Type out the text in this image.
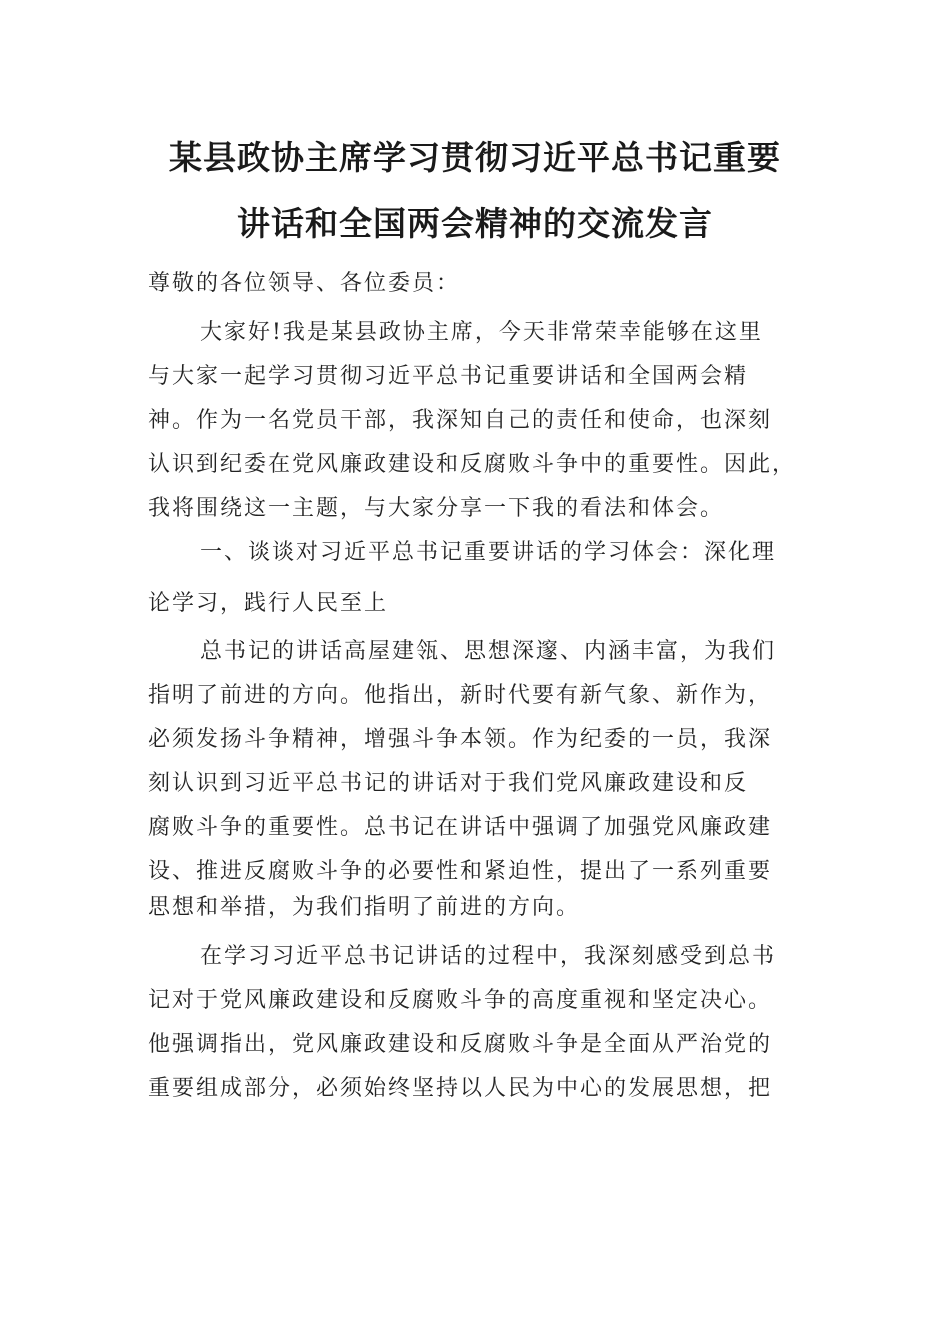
某县政协主席学习贯彻习近平总书记重要
讲话和全国两会精神的交流发言
尊敬的各位领导、各位委员：
大家好!我是某县政协主席，今天非常荣幸能够在这里
与大家一起学习贯彻习近平总书记重要讲话和全国两会精
神。作为一名党员干部，我深知自己的责任和使命，也深刻
认识到纪委在党风廉政建设和反腐败斗争中的重要性。因此，
我将围绕这一主题，与大家分享一下我的看法和体会。
一、谈谈对习近平总书记重要讲话的学习体会：深化理
论学习，践行人民至上
总书记的讲话高屋建瓴、思想深邃、内涵丰富，为我们
指明了前进的方向。他指出，新时代要有新气象、新作为，
必须发扬斗争精神，增强斗争本领。作为纪委的一员，我深
刻认识到习近平总书记的讲话对于我们党风廉政建设和反
腐败斗争的重要性。总书记在讲话中强调了加强党风廉政建
设、推进反腐败斗争的必要性和紧迫性，提出了一系列重要
思想和举措，为我们指明了前进的方向。
在学习习近平总书记讲话的过程中，我深刻感受到总书
记对于党风廉政建设和反腐败斗争的高度重视和坚定决心。
他强调指出，党风廉政建设和反腐败斗争是全面从严治党的
重要组成部分，必须始终坚持以人民为中心的发展思想，把
